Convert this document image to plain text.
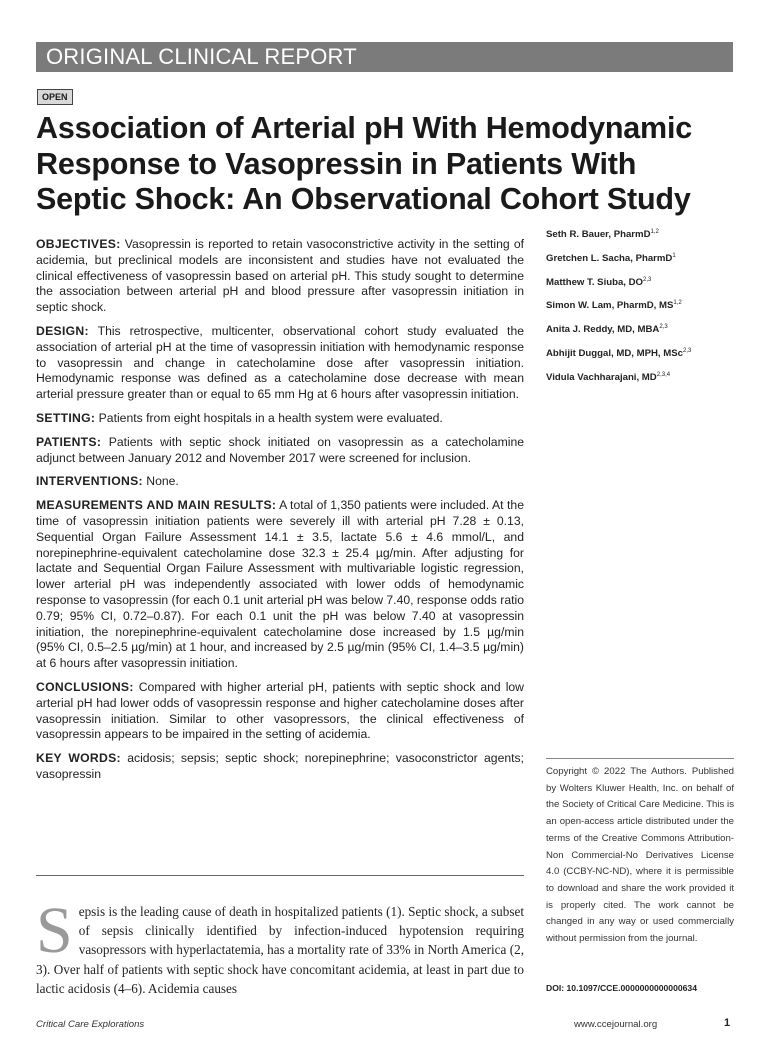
ORIGINAL CLINICAL REPORT
OPEN
Association of Arterial pH With Hemodynamic
Response to Vasopressin in Patients With
Septic Shock: An Observational Cohort Study

OBJECTIVES: Vasopressin is reported to retain vasoconstrictive activity in the setting of acidemia, but preclinical models are inconsistent and studies have not evaluated the clinical effectiveness of vasopressin based on arterial pH. This study sought to determine the association between arterial pH and blood pressure after vasopressin initiation in septic shock.

DESIGN: This retrospective, multicenter, observational cohort study evaluated the association of arterial pH at the time of vasopressin initiation with hemodynamic response to vasopressin and change in catecholamine dose after vasopressin initiation. Hemodynamic response was defined as a catecholamine dose decrease with mean arterial pressure greater than or equal to 65 mm Hg at 6 hours after vasopressin initiation.

SETTING: Patients from eight hospitals in a health system were evaluated.

PATIENTS: Patients with septic shock initiated on vasopressin as a catecholamine adjunct between January 2012 and November 2017 were screened for inclusion.

INTERVENTIONS: None.

MEASUREMENTS AND MAIN RESULTS: A total of 1,350 patients were included. At the time of vasopressin initiation patients were severely ill with arterial pH 7.28 ± 0.13, Sequential Organ Failure Assessment 14.1 ± 3.5, lactate 5.6 ± 4.6 mmol/L, and norepinephrine-equivalent catecholamine dose 32.3 ± 25.4 µg/min. After adjusting for lactate and Sequential Organ Failure Assessment with multivariable logistic regression, lower arterial pH was independently associated with lower odds of hemodynamic response to vasopressin (for each 0.1 unit arterial pH was below 7.40, response odds ratio 0.79; 95% CI, 0.72–0.87). For each 0.1 unit the pH was below 7.40 at vasopressin initiation, the norepinephrine-equivalent catecholamine dose increased by 1.5 µg/min (95% CI, 0.5–2.5 µg/min) at 1 hour, and increased by 2.5 µg/min (95% CI, 1.4–3.5 µg/min) at 6 hours after vasopressin initiation.

CONCLUSIONS: Compared with higher arterial pH, patients with septic shock and low arterial pH had lower odds of vasopressin response and higher catecholamine doses after vasopressin initiation. Similar to other vasopressors, the clinical effectiveness of vasopressin appears to be impaired in the setting of acidemia.

KEY WORDS: acidosis; sepsis; septic shock; norepinephrine; vasoconstrictor agents; vasopressin

Seth R. Bauer, PharmD$^{1,2}$
Gretchen L. Sacha, PharmD$^1$
Matthew T. Siuba, DO$^{2,3}$
Simon W. Lam, PharmD, MS$^{1,2}$
Anita J. Reddy, MD, MBA$^{2,3}$
Abhijit Duggal, MD, MPH, MSc$^{2,3}$
Vidula Vachharajani, MD$^{2,3,4}$
Copyright © 2022 The Authors. Published by Wolters Kluwer Health, Inc. on behalf of the Society of Critical Care Medicine. This is an open-access article distributed under the terms of the Creative Commons Attribution-Non Commercial-No Derivatives License 4.0 (CCBY-NC-ND), where it is permissible to download and share the work provided it is properly cited. The work cannot be changed in any way or used commercially without permission from the journal.
DOI: 10.1097/CCE.0000000000000634
Sepsis is the leading cause of death in hospitalized patients (1). Septic shock, a subset of sepsis clinically identified by infection-induced hypotension requiring vasopressors with hyperlactatemia, has a mortality rate of 33% in North America (2, 3). Over half of patients with septic shock have concomitant acidemia, at least in part due to lactic acidosis (4–6). Acidemia causes
Critical Care Explorations	www.ccejournal.org	1
